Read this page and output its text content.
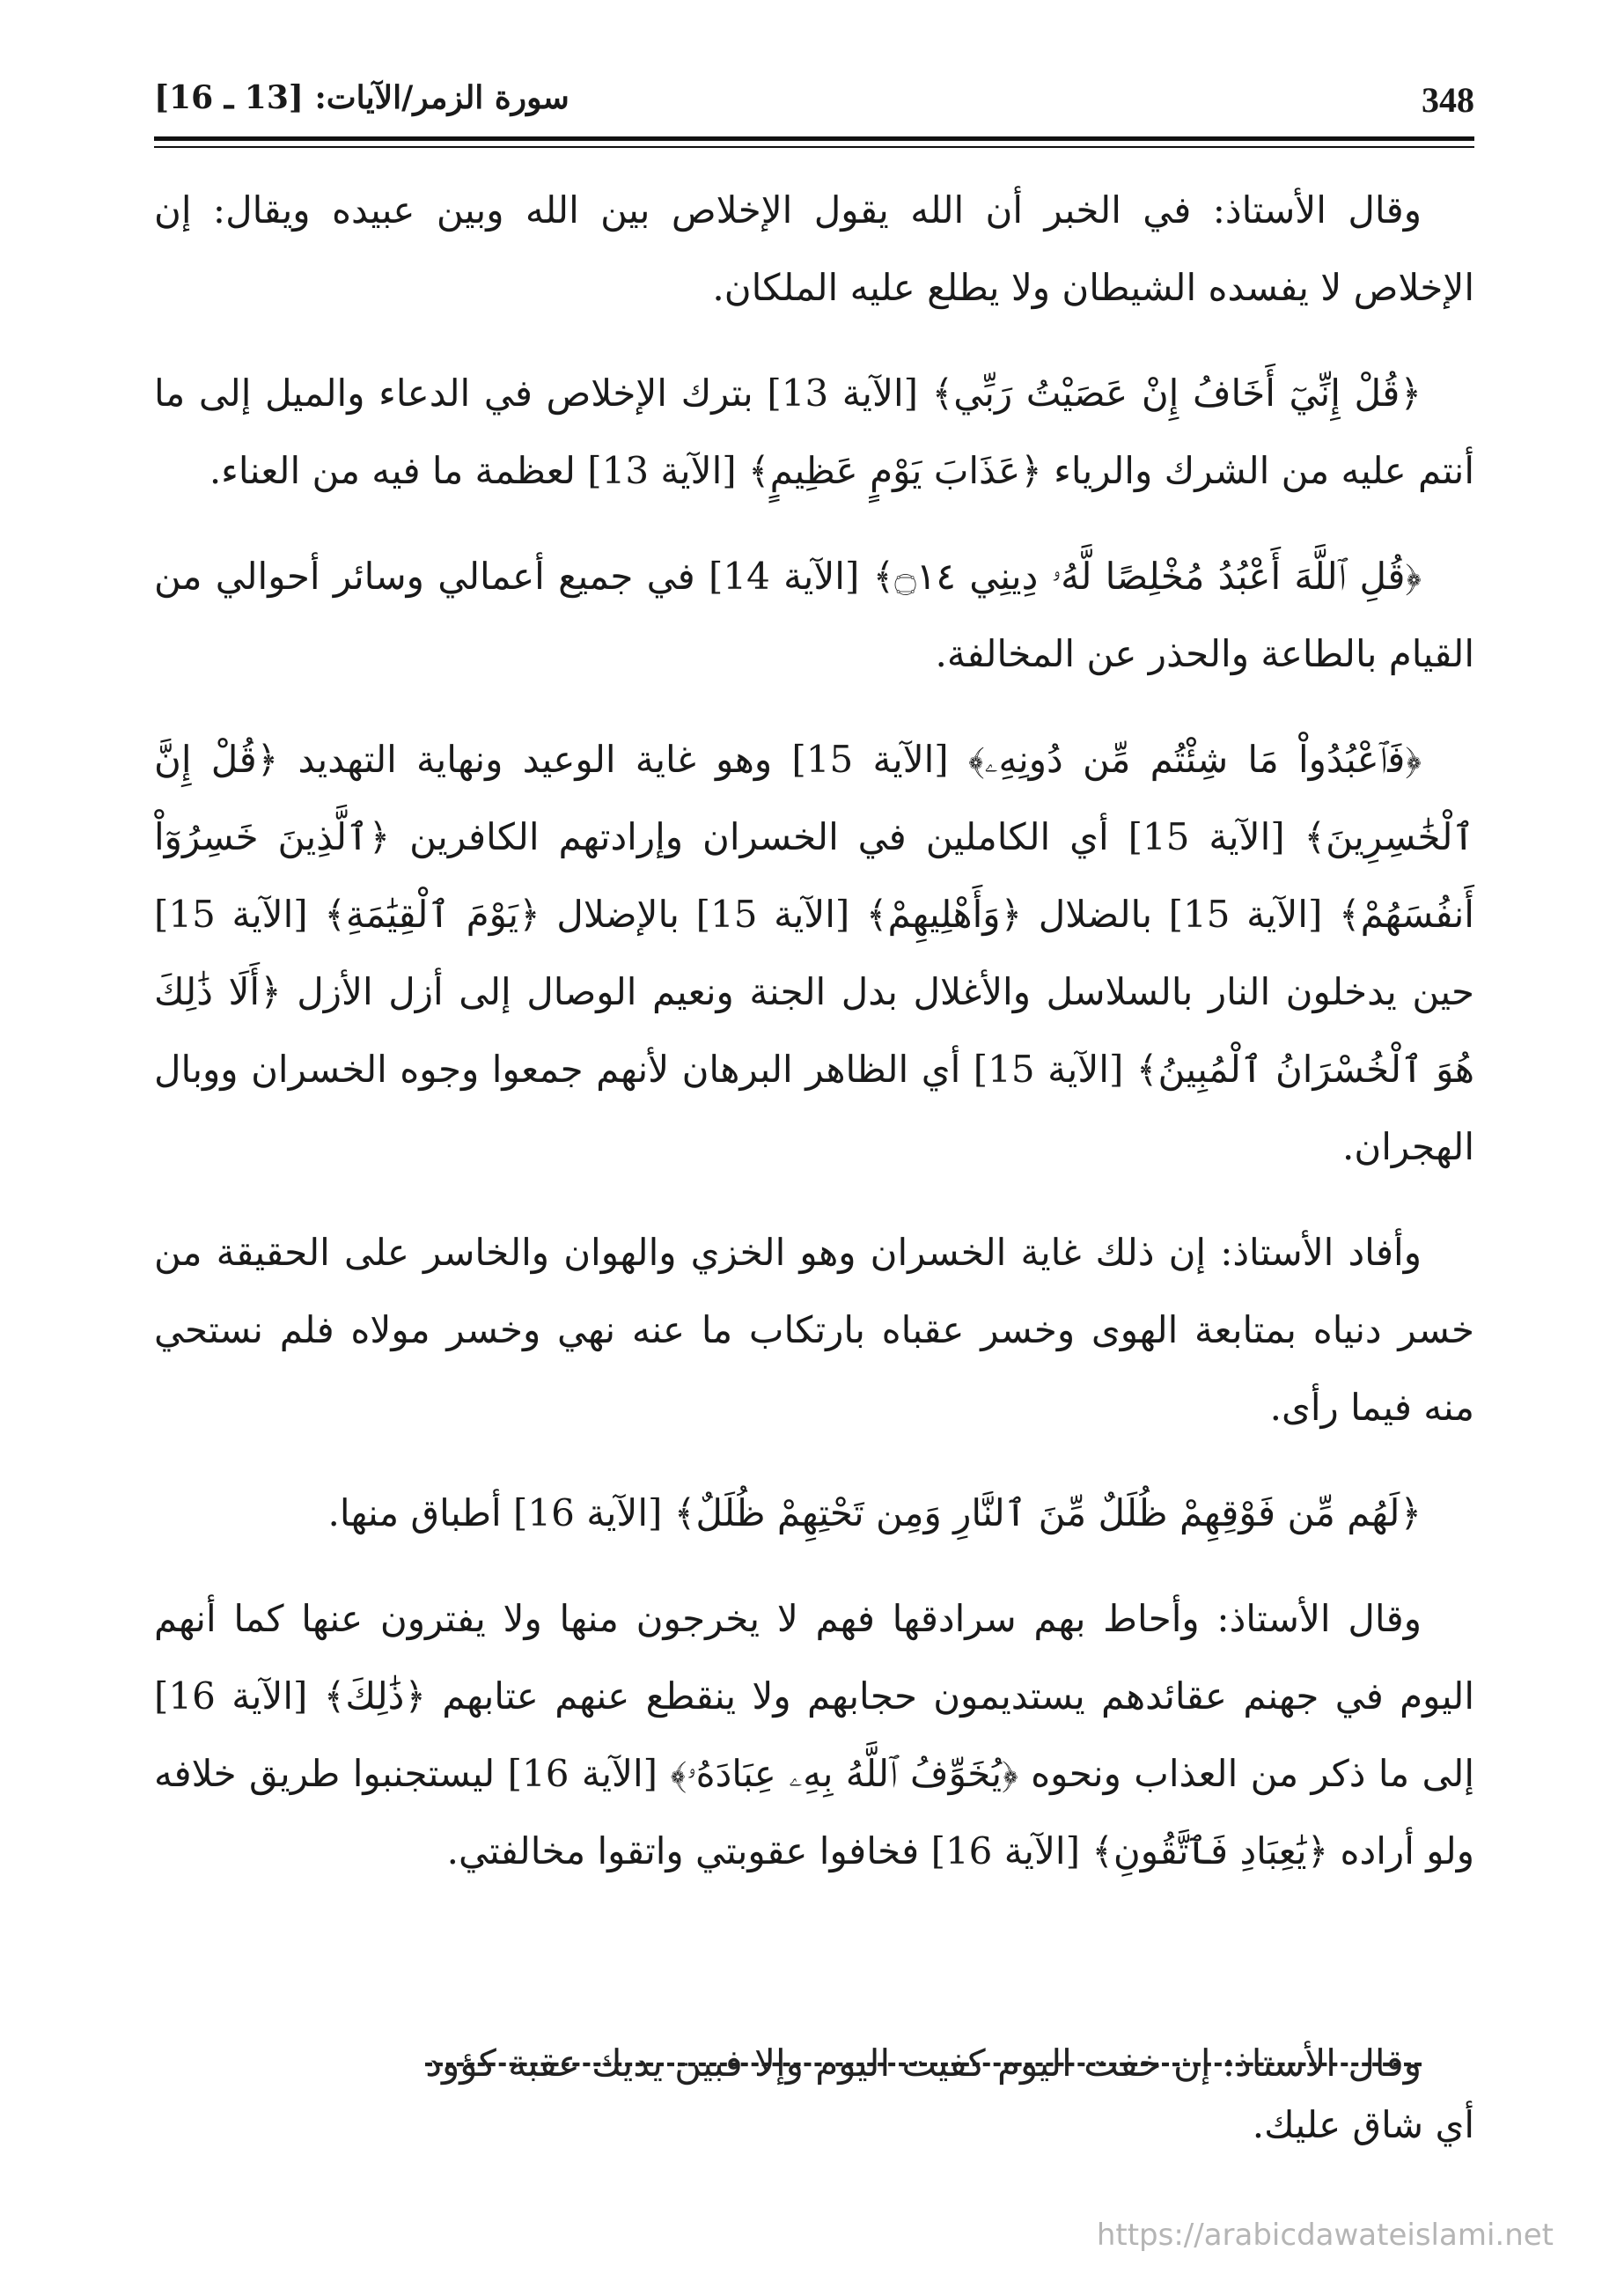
348
سورة الزمر/الآيات: [13 ـ 16]

وقال الأستاذ: في الخبر أن الله يقول الإخلاص بين الله وبين عبيده ويقال: إن الإخلاص لا يفسده الشيطان ولا يطلع عليه الملكان.

﴿قُلْ إِنِّيٓ أَخَافُ إِنْ عَصَيْتُ رَبِّي﴾ [الآية 13] بترك الإخلاص في الدعاء والميل إلى ما أنتم عليه من الشرك والرياء ﴿عَذَابَ يَوْمٍ عَظِيمٍ﴾ [الآية 13] لعظمة ما فيه من العناء.

﴿قُلِ ٱللَّهَ أَعْبُدُ مُخْلِصًا لَّهُۥ دِينِي ۝١٤﴾ [الآية 14] في جميع أعمالي وسائر أحوالي من القيام بالطاعة والحذر عن المخالفة.

﴿فَٱعْبُدُواْ مَا شِئْتُم مِّن دُونِهِۦ﴾ [الآية 15] وهو غاية الوعيد ونهاية التهديد ﴿قُلْ إِنَّ ٱلْخَٰسِرِينَ﴾ [الآية 15] أي الكاملين في الخسران وإرادتهم الكافرين ﴿ٱلَّذِينَ خَسِرُوٓاْ أَنفُسَهُمْ﴾ [الآية 15] بالضلال ﴿وَأَهْلِيهِمْ﴾ [الآية 15] بالإضلال ﴿يَوْمَ ٱلْقِيَٰمَةِ﴾ [الآية 15] حين يدخلون النار بالسلاسل والأغلال بدل الجنة ونعيم الوصال إلى أزل الأزل ﴿أَلَا ذَٰلِكَ هُوَ ٱلْخُسْرَانُ ٱلْمُبِينُ﴾ [الآية 15] أي الظاهر البرهان لأنهم جمعوا وجوه الخسران ووبال الهجران.

وأفاد الأستاذ: إن ذلك غاية الخسران وهو الخزي والهوان والخاسر على الحقيقة من خسر دنياه بمتابعة الهوى وخسر عقباه بارتكاب ما عنه نهي وخسر مولاه فلم نستحي منه فيما رأى.

﴿لَهُم مِّن فَوْقِهِمْ ظُلَلٌ مِّنَ ٱلنَّارِ وَمِن تَحْتِهِمْ ظُلَلٌ﴾ [الآية 16] أطباق منها.

وقال الأستاذ: وأحاط بهم سرادقها فهم لا يخرجون منها ولا يفترون عنها كما أنهم اليوم في جهنم عقائدهم يستديمون حجابهم ولا ينقطع عنهم عتابهم ﴿ذَٰلِكَ﴾ [الآية 16] إلى ما ذكر من العذاب ونحوه ﴿يُخَوِّفُ ٱللَّهُ بِهِۦ عِبَادَهُۥ﴾ [الآية 16] ليستجنبوا طريق خلافه ولو أراده ﴿يَٰعِبَادِ فَٱتَّقُونِ﴾ [الآية 16] فخافوا عقوبتي واتقوا مخالفتي.

وقال الأستاذ: إن خفت اليوم كفيت اليوم وإلا فبين يديك عقبة كؤود
أي شاق عليك.
https://arabicdawateislami.net
